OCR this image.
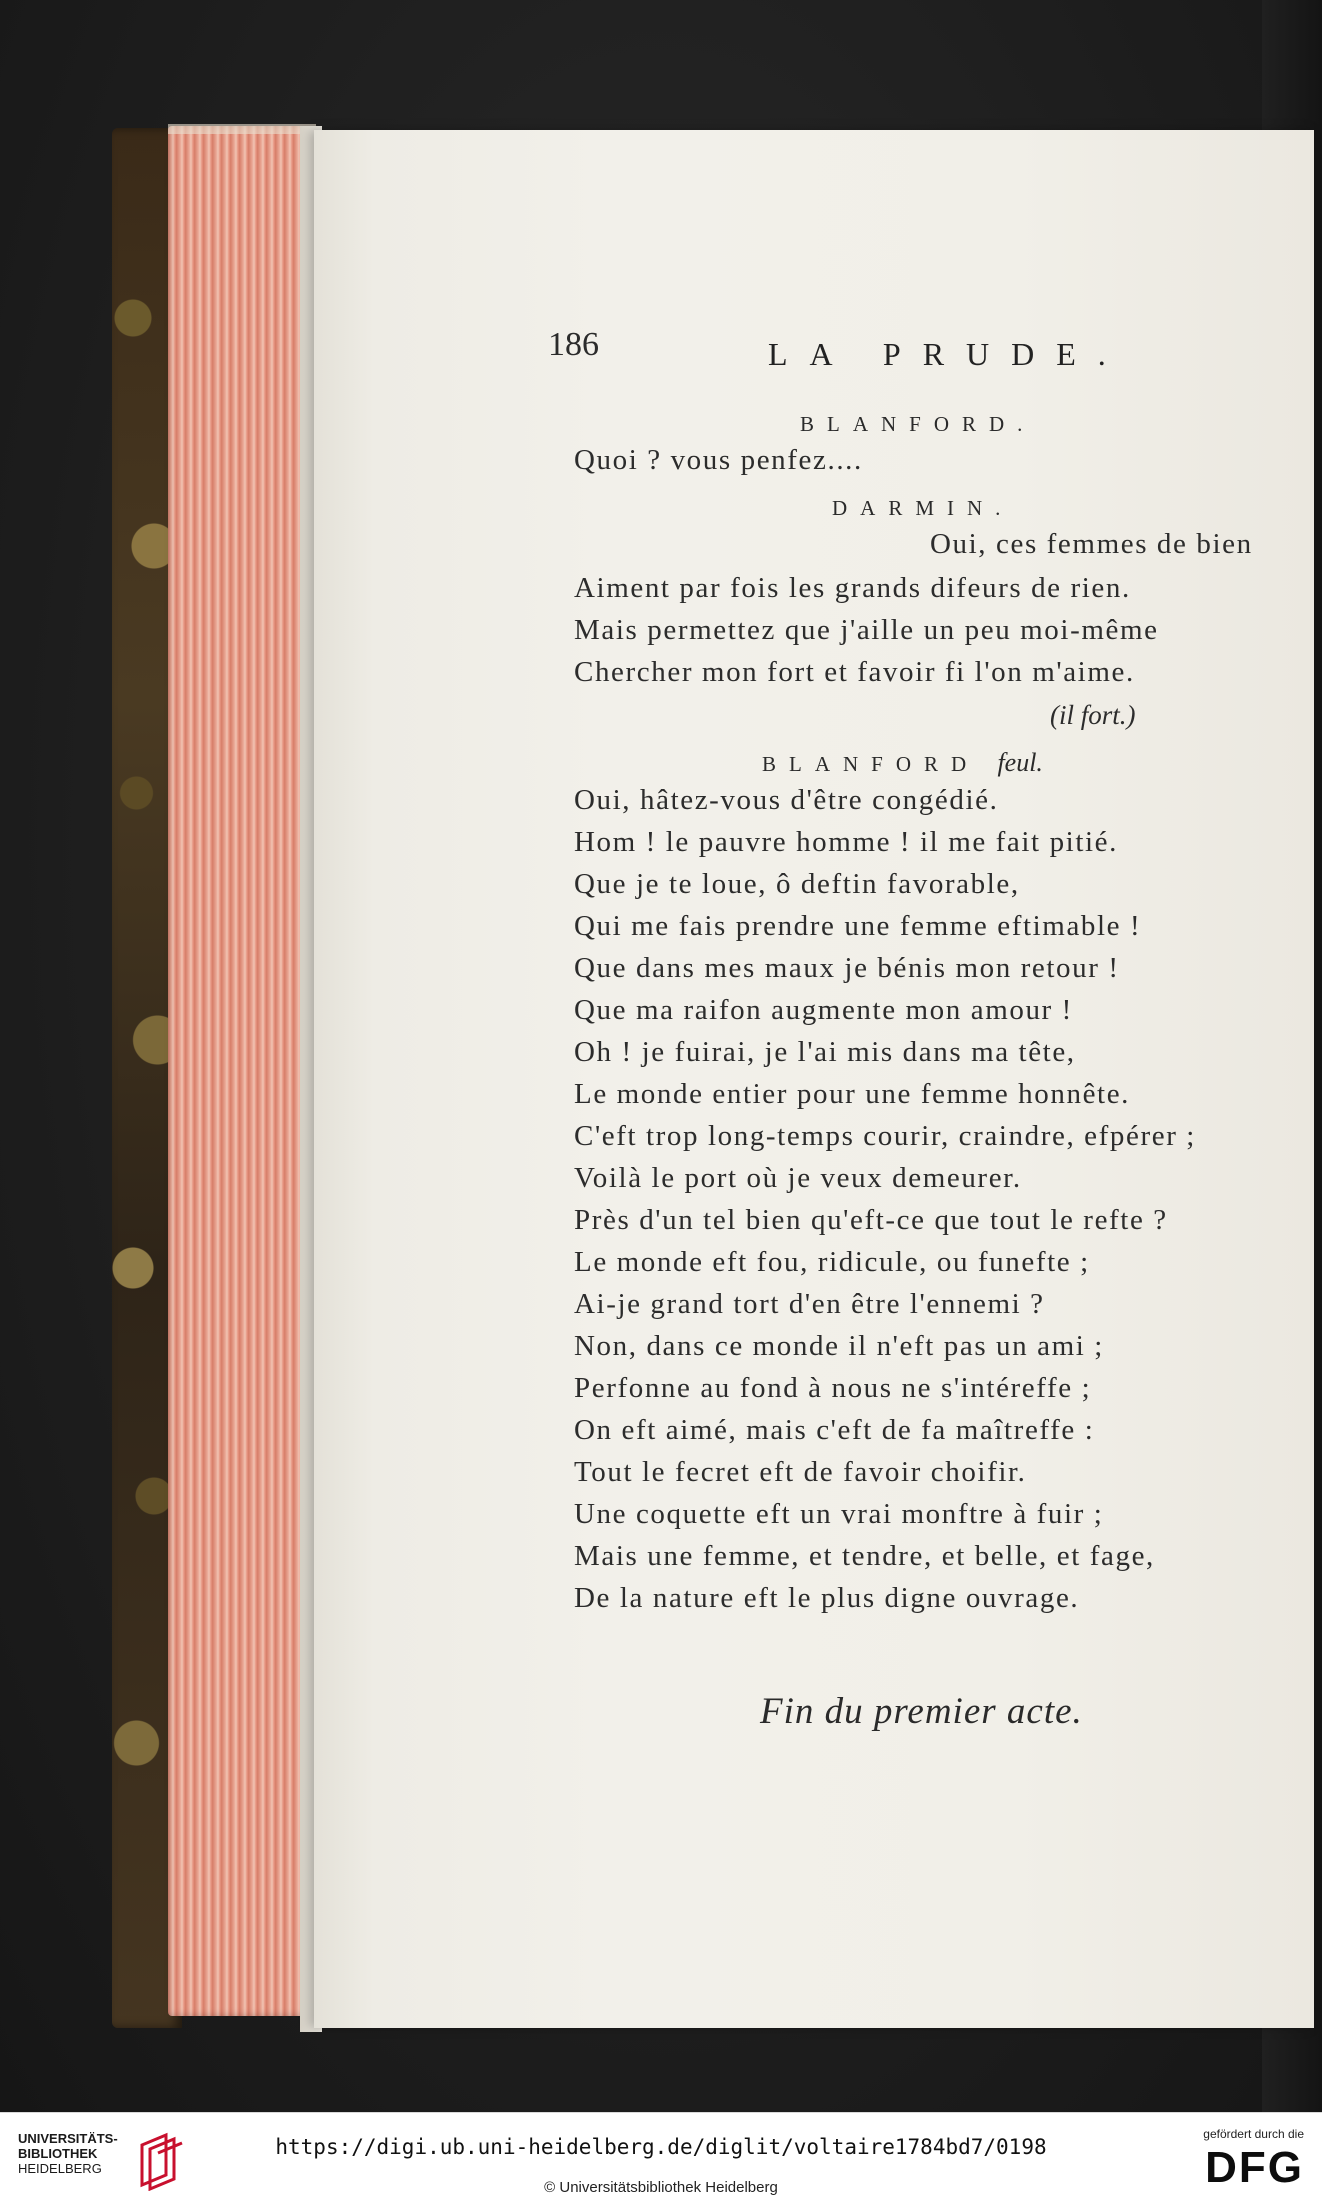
186	LA PRUDE.
BLANFORD.
Quoi ? vous penfez....
DARMIN.
Oui, ces femmes de bien
Aiment par fois les grands difeurs de rien.
Mais permettez que j'aille un peu moi-même
Chercher mon fort et favoir fi l'on m'aime.
(il fort.)
BLANFORD feul.
Oui, hâtez-vous d'être congédié.
Hom ! le pauvre homme ! il me fait pitié.
Que je te loue, ô deftin favorable,
Qui me fais prendre une femme eftimable !
Que dans mes maux je bénis mon retour !
Que ma raifon augmente mon amour !
Oh ! je fuirai, je l'ai mis dans ma tête,
Le monde entier pour une femme honnête.
C'eft trop long-temps courir, craindre, efpérer ;
Voilà le port où je veux demeurer.
Près d'un tel bien qu'eft-ce que tout le refte ?
Le monde eft fou, ridicule, ou funefte ;
Ai-je grand tort d'en être l'ennemi ?
Non, dans ce monde il n'eft pas un ami ;
Perfonne au fond à nous ne s'intéreffe ;
On eft aimé, mais c'eft de fa maîtreffe :
Tout le fecret eft de favoir choifir.
Une coquette eft un vrai monftre à fuir ;
Mais une femme, et tendre, et belle, et fage,
De la nature eft le plus digne ouvrage.
Fin du premier acte.
UNIVERSITÄTS-
BIBLIOTHEK
HEIDELBERG
https://digi.ub.uni-heidelberg.de/diglit/voltaire1784bd7/0198
© Universitätsbibliothek Heidelberg
gefördert durch die
DFG
